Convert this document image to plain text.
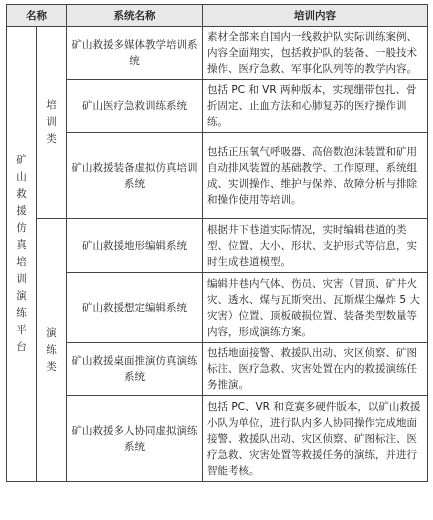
名称		系统名称	培训内容
矿山救援仿真培训演练平台	培训类	矿山救援多媒体教学培训系统	素材全部来自国内一线救护队实际训练案例、内容全面翔实，包括救护队的装备、一般技术操作、医疗急救、军事化队列等的教学内容。
		矿山医疗急救训练系统	包括 PC 和 VR 两种版本，实现绷带包扎、骨折固定、止血方法和心肺复苏的医疗操作训练。
		矿山救援装备虚拟仿真培训系统	包括正压氧气呼吸器、高倍数泡沫装置和矿用自动排风装置的基础教学、工作原理、系统组成、实训操作、维护与保养、故障分析与排除和操作使用等培训。
	演练类	矿山救援地形编辑系统	根据井下巷道实际情况，实时编辑巷道的类型、位置、大小、形状、支护形式等信息，实时生成巷道模型。
		矿山救援想定编辑系统	编辑井巷内气体、伤员、灾害（冒顶、矿井火灾、透水、煤与瓦斯突出、瓦斯煤尘爆炸 5 大灾害）位置、顶板破损位置、装备类型数量等内容，形成演练方案。
		矿山救援桌面推演仿真演练系统	包括地面接警、救援队出动、灾区侦察、矿图标注、医疗急救、灾害处置在内的救援演练任务推演。
		矿山救援多人协同虚拟演练系统	包括 PC、VR 和竞赛多硬件版本，以矿山救援小队为单位，进行队内多人协同操作完成地面接警、救援队出动、灾区侦察、矿图标注、医疗急救、灾害处置等救援任务的演练，并进行智能考核。
